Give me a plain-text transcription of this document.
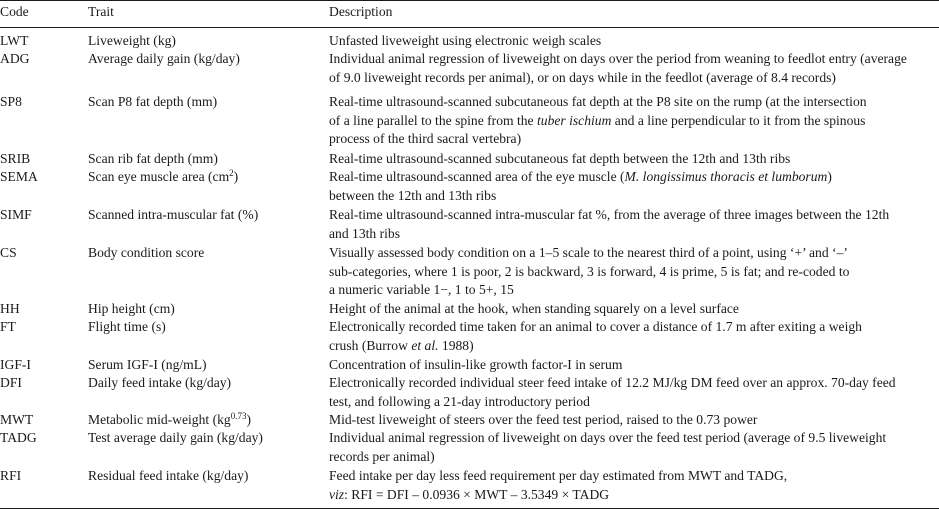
Code	Trait	Description
LWT	Liveweight (kg)	Unfasted liveweight using electronic weigh scales
ADG	Average daily gain (kg/day)	Individual animal regression of liveweight on days over the period from weaning to feedlot entry (average
of 9.0 liveweight records per animal), or on days while in the feedlot (average of 8.4 records)
SP8	Scan P8 fat depth (mm)	Real-time ultrasound-scanned subcutaneous fat depth at the P8 site on the rump (at the intersection
of a line parallel to the spine from the tuber ischium and a line perpendicular to it from the spinous
process of the third sacral vertebra)
SRIB	Scan rib fat depth (mm)	Real-time ultrasound-scanned subcutaneous fat depth between the 12th and 13th ribs
SEMA	Scan eye muscle area $(cm^2)$	Real-time ultrasound-scanned area of the eye muscle (M. longissimus thoracis et lumborum)
between the 12th and 13th ribs
SIMF	Scanned intra-muscular fat (%)	Real-time ultrasound-scanned intra-muscular fat %, from the average of three images between the 12th
and 13th ribs
CS	Body condition score	Visually assessed body condition on a 1–5 scale to the nearest third of a point, using ‘+’ and ‘–’
sub-categories, where 1 is poor, 2 is backward, 3 is forward, 4 is prime, 5 is fat; and re-coded to
a numeric variable 1−, 1 to 5+, 15
HH	Hip height (cm)	Height of the animal at the hook, when standing squarely on a level surface
FT	Flight time (s)	Electronically recorded time taken for an animal to cover a distance of 1.7 m after exiting a weigh
crush (Burrow et al. 1988)
IGF-I	Serum IGF-I (ng/mL)	Concentration of insulin-like growth factor-I in serum
DFI	Daily feed intake (kg/day)	Electronically recorded individual steer feed intake of 12.2 MJ/kg DM feed over an approx. 70-day feed
test, and following a 21-day introductory period
MWT	Metabolic mid-weight $(kg^{0.73})$	Mid-test liveweight of steers over the feed test period, raised to the 0.73 power
TADG	Test average daily gain (kg/day)	Individual animal regression of liveweight on days over the feed test period (average of 9.5 liveweight
records per animal)
RFI	Residual feed intake (kg/day)	Feed intake per day less feed requirement per day estimated from MWT and TADG,
viz: RFI = DFI – 0.0936 × MWT – 3.5349 × TADG
